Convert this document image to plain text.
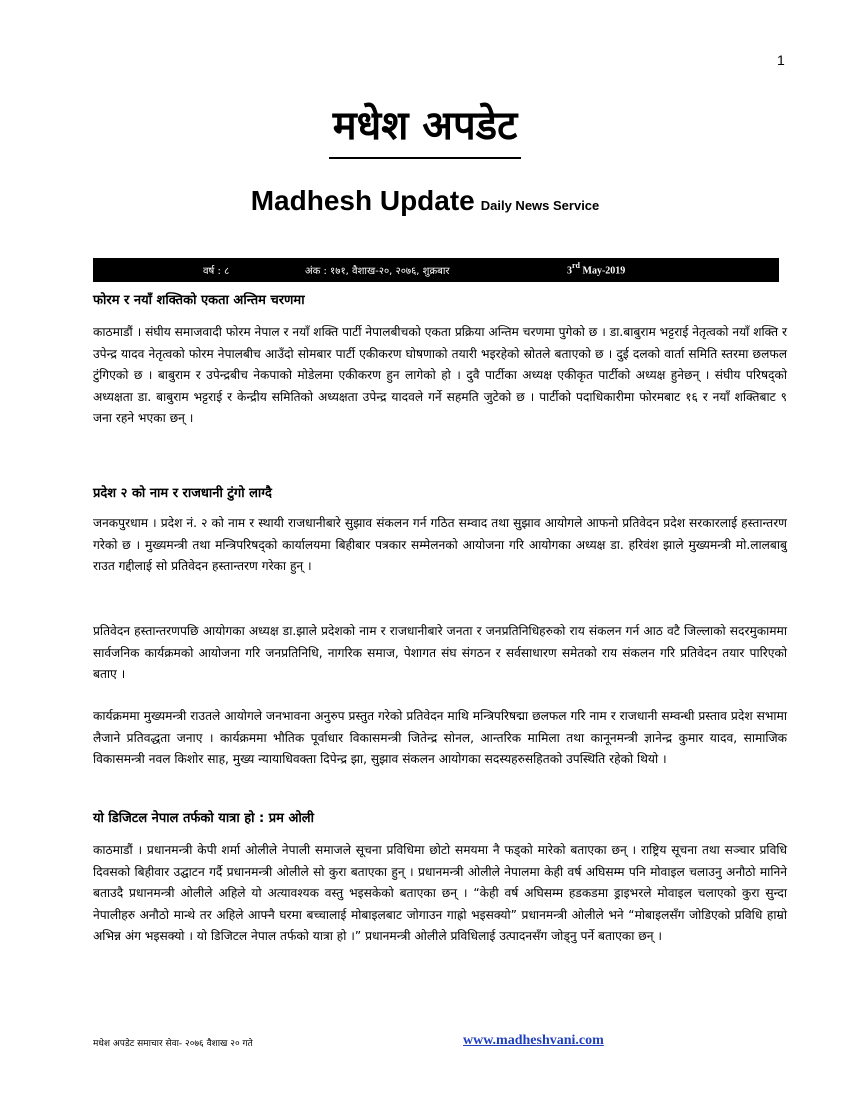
1
मधेश अपडेट
Madhesh Update Daily News Service
वर्ष : ८	अंक : १७१, वैशाख-२०, २०७६, शुक्रबार	3rd May-2019
फोरम र नयाँ शक्तिको एकता अन्तिम चरणमा

काठमाडौं । संघीय समाजवादी फोरम नेपाल र नयाँ शक्ति पार्टी नेपालबीचको एकता प्रक्रिया अन्तिम चरणमा पुगेको छ । डा.बाबुराम भट्टराई नेतृत्वको नयाँ शक्ति र उपेन्द्र यादव नेतृत्वको फोरम नेपालबीच आउँदो सोमबार पार्टी एकीकरण घोषणाको तयारी भइरहेको स्रोतले बताएको छ । दुई दलको वार्ता समिति स्तरमा छलफल टुंगिएको छ । बाबुराम र उपेन्द्रबीच नेकपाको मोडेलमा एकीकरण हुन लागेको हो । दुवै पार्टीका अध्यक्ष एकीकृत पार्टीको अध्यक्ष हुनेछन् । संघीय परिषद्को अध्यक्षता डा. बाबुराम भट्टराई र केन्द्रीय समितिको अध्यक्षता उपेन्द्र यादवले गर्ने सहमति जुटेको छ । पार्टीको पदाधिकारीमा फोरमबाट १६ र नयाँ शक्तिबाट ९ जना रहने भएका छन् ।

प्रदेश २ को नाम र राजधानी टुंगो लाग्दै

जनकपुरधाम । प्रदेश नं. २ को नाम र स्थायी राजधानीबारे सुझाव संकलन गर्न गठित सम्वाद तथा सुझाव आयोगले आफनो प्रतिवेदन प्रदेश सरकारलाई हस्तान्तरण गरेको छ । मुख्यमन्त्री तथा मन्त्रिपरिषद्को कार्यालयमा बिहीबार पत्रकार सम्मेलनको आयोजना गरि आयोगका अध्यक्ष डा. हरिवंश झाले मुख्यमन्त्री मो.लालबाबु राउत गद्दीलाई सो प्रतिवेदन हस्तान्तरण गरेका हुन् ।

प्रतिवेदन हस्तान्तरणपछि आयोगका अध्यक्ष डा.झाले प्रदेशको नाम र राजधानीबारे जनता र जनप्रतिनिधिहरुको राय संकलन गर्न आठ वटै जिल्लाको सदरमुकाममा सार्वजनिक कार्यक्रमको आयोजना गरि जनप्रतिनिधि, नागरिक समाज, पेशागत संघ संगठन र सर्वसाधारण समेतको राय संकलन गरि प्रतिवेदन तयार पारिएको बताए ।

कार्यक्रममा मुख्यमन्त्री राउतले आयोगले जनभावना अनुरुप प्रस्तुत गरेको प्रतिवेदन माथि मन्त्रिपरिषद्मा छलफल गरि नाम र राजधानी सम्वन्धी प्रस्ताव प्रदेश सभामा लैजाने प्रतिवद्धता जनाए । कार्यक्रममा भौतिक पूर्वाधार विकासमन्त्री जितेन्द्र सोनल, आन्तरिक मामिला तथा कानूनमन्त्री ज्ञानेन्द्र कुमार यादव, सामाजिक विकासमन्त्री नवल किशोर साह, मुख्य न्यायाधिवक्ता दिपेन्द्र झा, सुझाव संकलन आयोगका सदस्यहरुसहितको उपस्थिति रहेको थियो ।

यो डिजिटल नेपाल तर्फको यात्रा हो : प्रम ओली

काठमाडौं । प्रधानमन्त्री केपी शर्मा ओलीले नेपाली समाजले सूचना प्रविधिमा छोटो समयमा नै फड्को मारेको बताएका छन् । राष्ट्रिय सूचना तथा सञ्चार प्रविधि दिवसको बिहीवार उद्घाटन गर्दै प्रधानमन्त्री ओलीले सो कुरा बताएका हुन् । प्रधानमन्त्री ओलीले नेपालमा केही वर्ष अघिसम्म पनि मोवाइल चलाउनु अनौठो मानिने बताउदै प्रधानमन्त्री ओलीले अहिले यो अत्यावश्यक वस्तु भइसकेको बताएका छन् । “केही वर्ष अघिसम्म हडकडमा ड्राइभरले मोवाइल चलाएको कुरा सुन्दा नेपालीहरु अनौठो मान्थे तर अहिले आफ्नै घरमा बच्चालाई मोबाइलबाट जोगाउन गाह्रो भइसक्यो” प्रधानमन्त्री ओलीले भने “मोबाइलसँग जोडिएको प्रविधि हाम्रो अभिन्न अंग भइसक्यो । यो डिजिटल नेपाल तर्फको यात्रा हो ।” प्रधानमन्त्री ओलीले प्रविधिलाई उत्पादनसँग जोड्नु पर्ने बताएका छन् ।

मधेश अपडेट समाचार सेवा- २०७६ वैशाख २० गते	www.madheshvani.com
